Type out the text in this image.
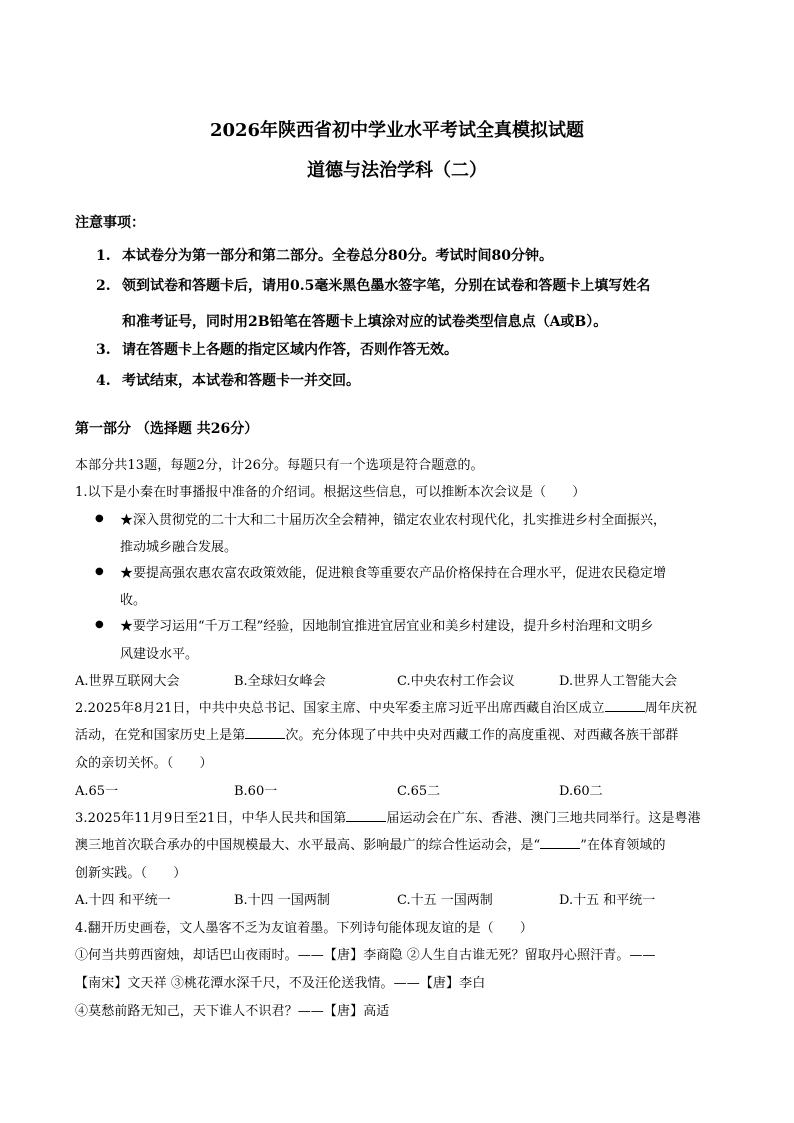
2026年陕西省初中学业水平考试全真模拟试题
道德与法治学科（二）
注意事项：
1. 本试卷分为第一部分和第二部分。全卷总分80分。考试时间80分钟。
2. 领到试卷和答题卡后，请用0.5毫米黑色墨水签字笔，分别在试卷和答题卡上填写姓名
和准考证号，同时用2B铅笔在答题卡上填涂对应的试卷类型信息点（A或B）。
3. 请在答题卡上各题的指定区域内作答，否则作答无效。
4. 考试结束，本试卷和答题卡一并交回。
第一部分 （选择题 共26分）
本部分共13题，每题2分，计26分。每题只有一个选项是符合题意的。
1.以下是小秦在时事播报中准备的介绍词。根据这些信息，可以推断本次会议是（　　）
● ★深入贯彻党的二十大和二十届历次全会精神，锚定农业农村现代化，扎实推进乡村全面振兴，
推动城乡融合发展。
● ★要提高强农惠农富农政策效能，促进粮食等重要农产品价格保持在合理水平，促进农民稳定增
收。
● ★要学习运用“千万工程”经验，因地制宜推进宜居宜业和美乡村建设，提升乡村治理和文明乡
风建设水平。
A.世界互联网大会	B.全球妇女峰会	C.中央农村工作会议	D.世界人工智能大会
2.2025年8月21日，中共中央总书记、国家主席、中央军委主席习近平出席西藏自治区成立	周年庆祝
活动，在党和国家历史上是第	次。充分体现了中共中央对西藏工作的高度重视、对西藏各族干部群
众的亲切关怀。（　　）
A.65一	B.60一	C.65二	D.60二
3.2025年11月9日至21日，中华人民共和国第	届运动会在广东、香港、澳门三地共同举行。这是粤港
澳三地首次联合承办的中国规模最大、水平最高、影响最广的综合性运动会，是“	”在体育领域的
创新实践。（　　）
A.十四 和平统一	B.十四 一国两制	C.十五 一国两制	D.十五 和平统一
4.翻开历史画卷，文人墨客不乏为友谊着墨。下列诗句能体现友谊的是（　　）
①何当共剪西窗烛，却话巴山夜雨时。——【唐】李商隐 ②人生自古谁无死？留取丹心照汗青。——
【南宋】文天祥 ③桃花潭水深千尺，不及汪伦送我情。——【唐】李白
④莫愁前路无知己，天下谁人不识君？——【唐】高适
